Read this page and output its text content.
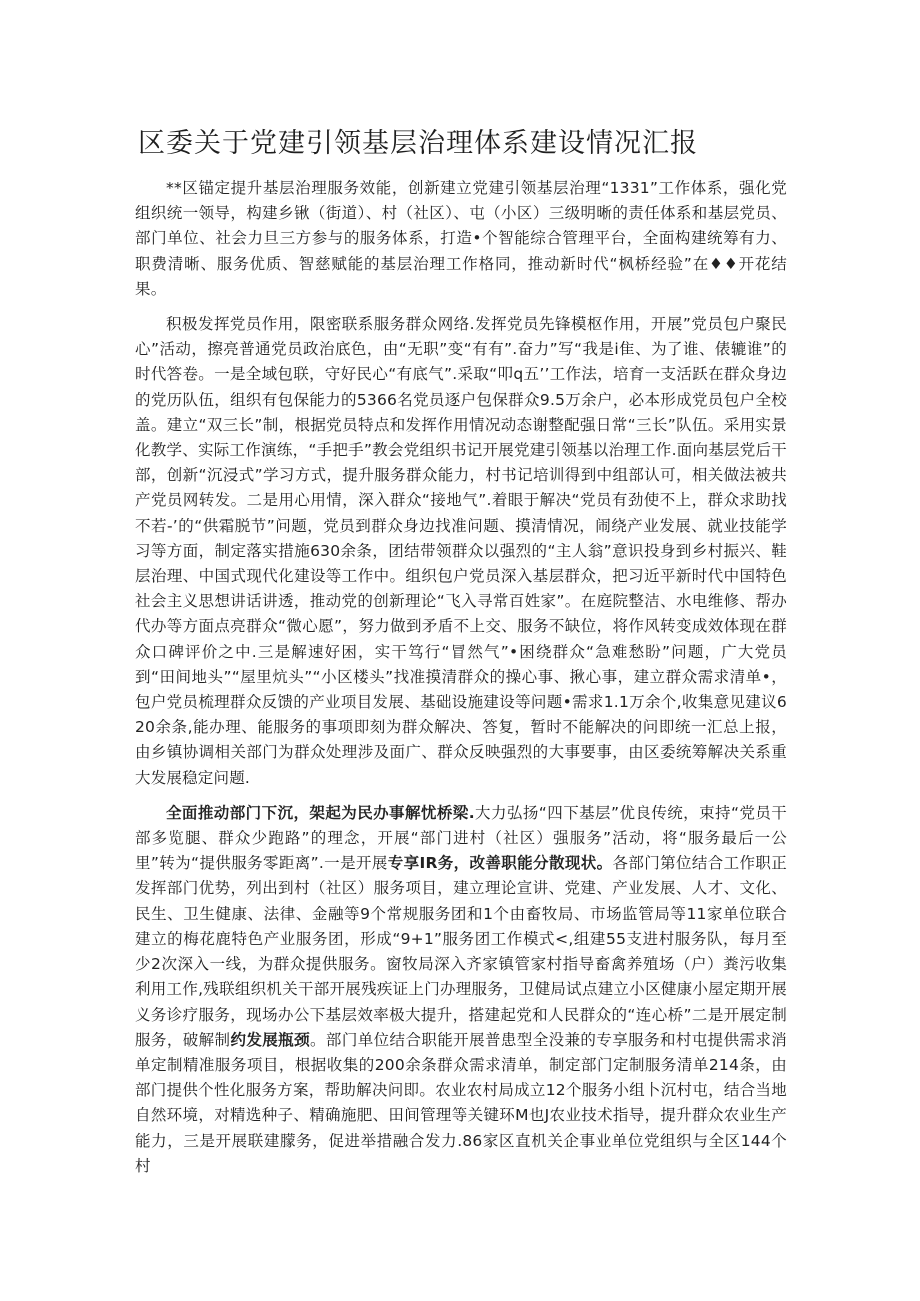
区委关于党建引领基层治理体系建设情况汇报

**区锚定提升基层治理服务效能，创新建立党建引领基层治理“1331”工作体系，强化党组织统一领导，构建乡锹（街道）、村（社区）、屯（小区）三级明晰的责任体系和基层党员、部门单位、社会力旦三方参与的服务体系，打造•个智能综合管理平台，全面构建统筹有力、职费清晰、服务优质、智慈赋能的基层治理工作格同，推动新时代“枫桥经验”在♦♦开花结果。

积极发挥党员作用，限密联系服务群众网络.发挥党员先锋模枢作用，开展”党员包户聚民心”活动，擦亮普通党员政治底色，由“无职”变“有有”.奋力”写“我是i隹、为了谁、俵辘谁”的时代答卷。一是全域包联，守好民心“有底气”.采取“叩q五’’工作法，培育一支活跃在群众身边的党历队伍，组织有包保能力的5366名党员逐户包保群众9.5万余户，必本形成党员包户全校盖。建立“双三长”制，根据党员特点和发挥作用情况动态谢整配强日常“三长”队伍。采用实景化教学、实际工作演练，“手把手”教会党组织书记开展党建引领基以治理工作.面向基层党后干部，创新“沉浸式”学习方式，提升服务群众能力，村书记培训得到中组部认可，相关做法被共产党员网转发。二是用心用情，深入群众“接地气”.着眼于解决“党员有劲使不上，群众求助找不若-’的“供霜脱节”问题，党员到群众身边找准问题、摸清情况，闹绕产业发展、就业技能学习等方面，制定落实措施630余条，团结带领群众以强烈的“主人翁”意识投身到乡村振兴、鞋层治理、中国式现代化建设等工作中。组织包户党员深入基层群众，把习近平新时代中国特色社会主义思想讲话讲透，推动党的创新理论“飞入寻常百姓家”。在庭院整洁、水电维修、帮办代办等方面点亮群众“微心愿”，努力做到矛盾不上交、服务不缺位，将作风转变成效体现在群众口碑评价之中.三是解速好困，实干笃行“冒然气”•困绕群众“急难愁盼”问题，广大党员到“田间地头”“屋里炕头”“小区楼头”找准摸清群众的操心事、揪心事，建立群众需求清单•，包户党员梳理群众反馈的产业项目发展、基础设施建设等问题•需求1.1万余个,收集意见建议620余条,能办理、能服务的事项即刻为群众解决、答复，暂时不能解决的问即统一汇总上报，由乡镇协调相关部门为群众处理涉及面广、群众反映强烈的大事要事，由区委统筹解决关系重大发展稳定问题.

全面推动部门下沉，架起为民办事解忧桥梁.大力弘扬“四下基层”优良传统，束持“党员干部多览腿、群众少跑路”的理念，开展“部门进村（社区）强服务”活动，将“服务最后一公里”转为“提供服务零距离”.一是开展专享IR务，改善职能分散现状。各部门第位结合工作职正发挥部门优势，列出到村（社区）服务项目，建立理论宣讲、党建、产业发展、人才、文化、民生、卫生健康、法律、金融等9个常规服务团和1个由畜牧局、市场监管局等11家单位联合建立的梅花鹿特色产业服务团，形成“9+1”服务团工作模式<,组建55支进村服务队，每月至少2次深入一线，为群众提供服务。窗牧局深入齐家镇管家村指导畜禽养殖场（户）粪污收集利用工作,残联组织机关干部开展残疾证上门办理服务，卫健局试点建立小区健康小屋定期开展义务诊疗服务，现场办公下基层效率极大提升，搭建起党和人民群众的“连心桥”二是开展定制服务，破解制约发展瓶颈。部门单位结合职能开展普患型全没兼的专享服务和村屯提供需求消单定制精准服务项目，根据收集的200余条群众需求清单，制定部门定制服务清单214条，由部门提供个性化服务方案，帮助解决问即。农业农村局成立12个服务小组卜沉村屯，结合当地自然环境，对精选种子、精确施肥、田间管理等关键环M也J农业技术指导，提升群众农业生产能力，三是开展联建朦务，促进举措融合发力.86家区直机关企事业单位党组织与全区144个村
